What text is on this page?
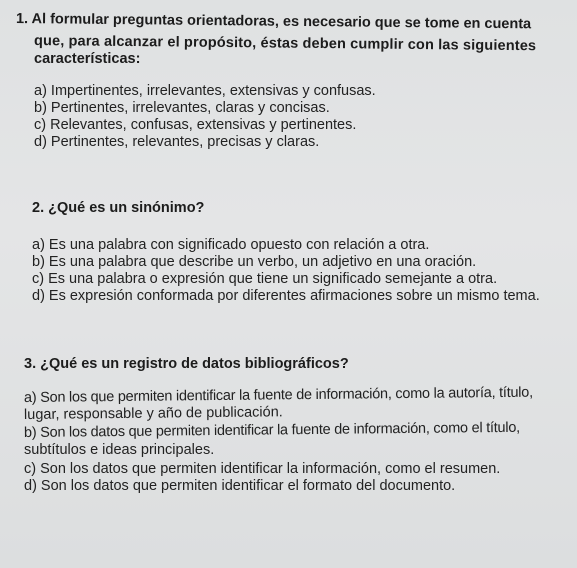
1. Al formular preguntas orientadoras, es necesario que se tome en cuenta

que, para alcanzar el propósito, éstas deben cumplir con las siguientes

características:

a) Impertinentes, irrelevantes, extensivas y confusas.

b) Pertinentes, irrelevantes, claras y concisas.

c) Relevantes, confusas, extensivas y pertinentes.

d) Pertinentes, relevantes, precisas y claras.

2. ¿Qué es un sinónimo?

a) Es una palabra con significado opuesto con relación a otra.

b) Es una palabra que describe un verbo, un adjetivo en una oración.

c) Es una palabra o expresión que tiene un significado semejante a otra.

d) Es expresión conformada por diferentes afirmaciones sobre un mismo tema.

3. ¿Qué es un registro de datos bibliográficos?

a) Son los que permiten identificar la fuente de información, como la autoría, título,

lugar, responsable y año de publicación.

b) Son los datos que permiten identificar la fuente de información, como el título,

subtítulos e ideas principales.

c) Son los datos que permiten identificar la información, como el resumen.

d) Son los datos que permiten identificar el formato del documento.
